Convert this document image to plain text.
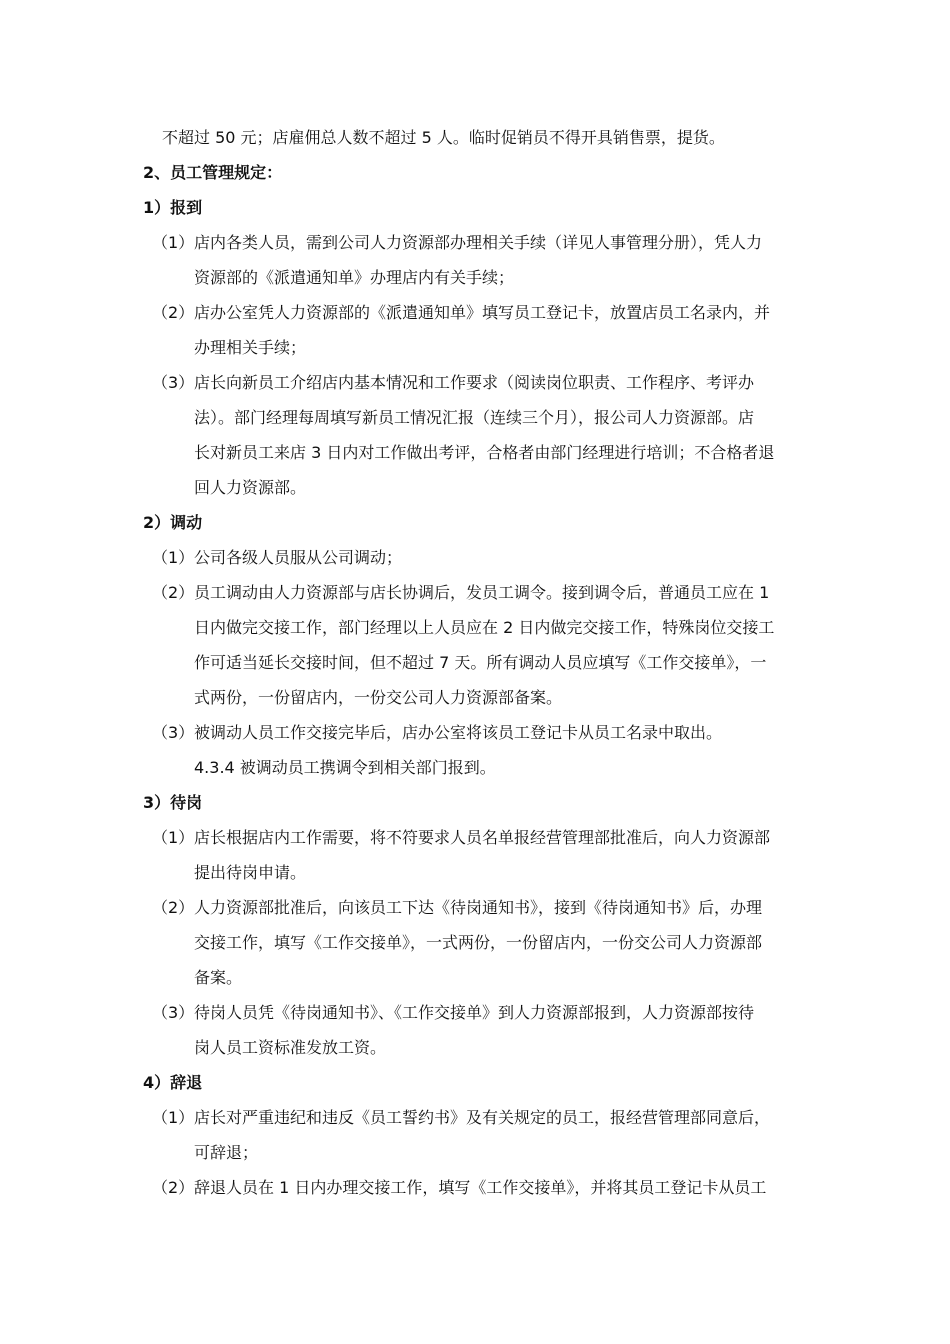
不超过 50 元；店雇佣总人数不超过 5 人。临时促销员不得开具销售票，提货。
2、员工管理规定：
1）报到
（1） 店内各类人员，需到公司人力资源部办理相关手续（详见人事管理分册），凭人力
资源部的《派遣通知单》办理店内有关手续；
（2） 店办公室凭人力资源部的《派遣通知单》填写员工登记卡，放置店员工名录内，并
办理相关手续；
（3） 店长向新员工介绍店内基本情况和工作要求（阅读岗位职责、工作程序、考评办
法）。部门经理每周填写新员工情况汇报（连续三个月），报公司人力资源部。店
长对新员工来店 3 日内对工作做出考评，合格者由部门经理进行培训；不合格者退
回人力资源部。
2）调动
（1） 公司各级人员服从公司调动；
（2） 员工调动由人力资源部与店长协调后，发员工调令。接到调令后，普通员工应在 1
日内做完交接工作，部门经理以上人员应在 2 日内做完交接工作，特殊岗位交接工
作可适当延长交接时间，但不超过 7 天。所有调动人员应填写《工作交接单》，一
式两份，一份留店内，一份交公司人力资源部备案。
（3） 被调动人员工作交接完毕后，店办公室将该员工登记卡从员工名录中取出。
4.3.4 被调动员工携调令到相关部门报到。
3）待岗
（1） 店长根据店内工作需要，将不符要求人员名单报经营管理部批准后，向人力资源部
提出待岗申请。
（2） 人力资源部批准后，向该员工下达《待岗通知书》，接到《待岗通知书》后，办理
交接工作，填写《工作交接单》，一式两份，一份留店内，一份交公司人力资源部
备案。
（3） 待岗人员凭《待岗通知书》、《工作交接单》到人力资源部报到，人力资源部按待
岗人员工资标准发放工资。
4）辞退
（1） 店长对严重违纪和违反《员工誓约书》及有关规定的员工，报经营管理部同意后，
可辞退；
（2） 辞退人员在 1 日内办理交接工作，填写《工作交接单》，并将其员工登记卡从员工
